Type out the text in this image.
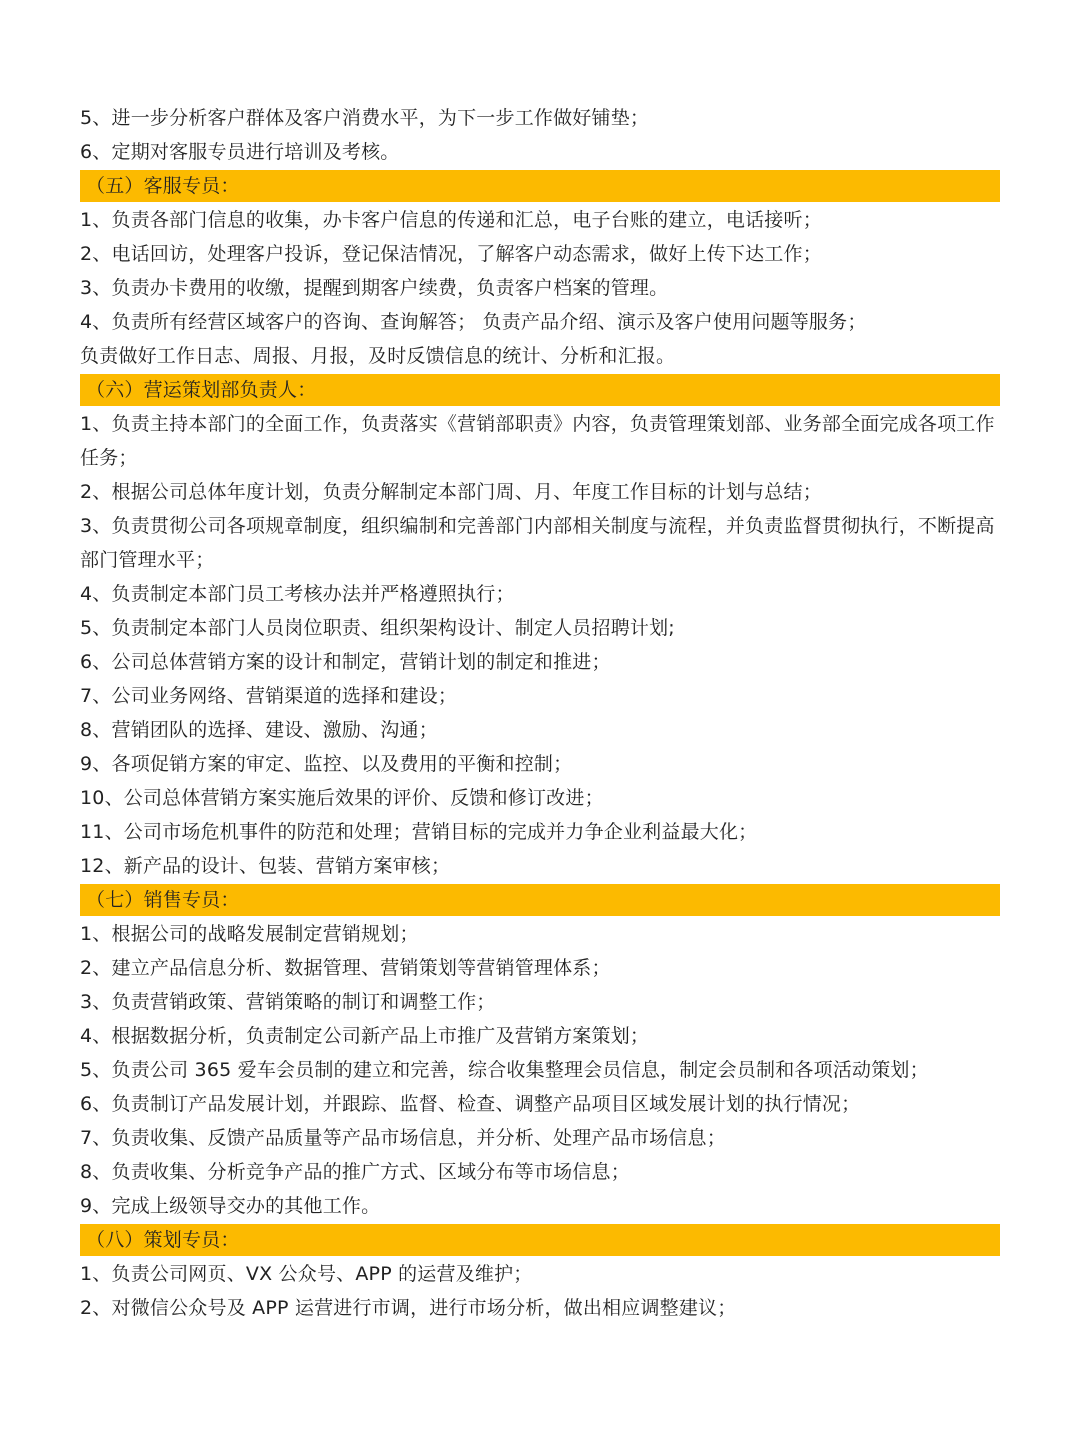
5、进一步分析客户群体及客户消费水平，为下一步工作做好铺垫；
6、定期对客服专员进行培训及考核。
（五）客服专员：
1、负责各部门信息的收集，办卡客户信息的传递和汇总，电子台账的建立，电话接听；
2、电话回访，处理客户投诉，登记保洁情况，了解客户动态需求，做好上传下达工作；
3、负责办卡费用的收缴，提醒到期客户续费，负责客户档案的管理。
4、负责所有经营区域客户的咨询、查询解答； 负责产品介绍、演示及客户使用问题等服务；
负责做好工作日志、周报、月报，及时反馈信息的统计、分析和汇报。
（六）营运策划部负责人：
1、负责主持本部门的全面工作，负责落实《营销部职责》内容，负责管理策划部、业务部全面完成各项工作任务；
2、根据公司总体年度计划，负责分解制定本部门周、月、年度工作目标的计划与总结；
3、负责贯彻公司各项规章制度，组织编制和完善部门内部相关制度与流程，并负责监督贯彻执行，不断提高部门管理水平；
4、负责制定本部门员工考核办法并严格遵照执行；
5、负责制定本部门人员岗位职责、组织架构设计、制定人员招聘计划;
6、公司总体营销方案的设计和制定，营销计划的制定和推进；
7、公司业务网络、营销渠道的选择和建设；
8、营销团队的选择、建设、激励、沟通；
9、各项促销方案的审定、监控、以及费用的平衡和控制；
10、公司总体营销方案实施后效果的评价、反馈和修订改进；
11、公司市场危机事件的防范和处理；营销目标的完成并力争企业利益最大化；
12、新产品的设计、包装、营销方案审核；
（七）销售专员：
1、根据公司的战略发展制定营销规划；
2、建立产品信息分析、数据管理、营销策划等营销管理体系；
3、负责营销政策、营销策略的制订和调整工作；
4、根据数据分析，负责制定公司新产品上市推广及营销方案策划；
5、负责公司 365 爱车会员制的建立和完善，综合收集整理会员信息，制定会员制和各项活动策划；
6、负责制订产品发展计划，并跟踪、监督、检查、调整产品项目区域发展计划的执行情况；
7、负责收集、反馈产品质量等产品市场信息，并分析、处理产品市场信息；
8、负责收集、分析竞争产品的推广方式、区域分布等市场信息；
9、完成上级领导交办的其他工作。
（八）策划专员：
1、负责公司网页、VX 公众号、APP 的运营及维护；
2、对微信公众号及 APP 运营进行市调，进行市场分析，做出相应调整建议；
